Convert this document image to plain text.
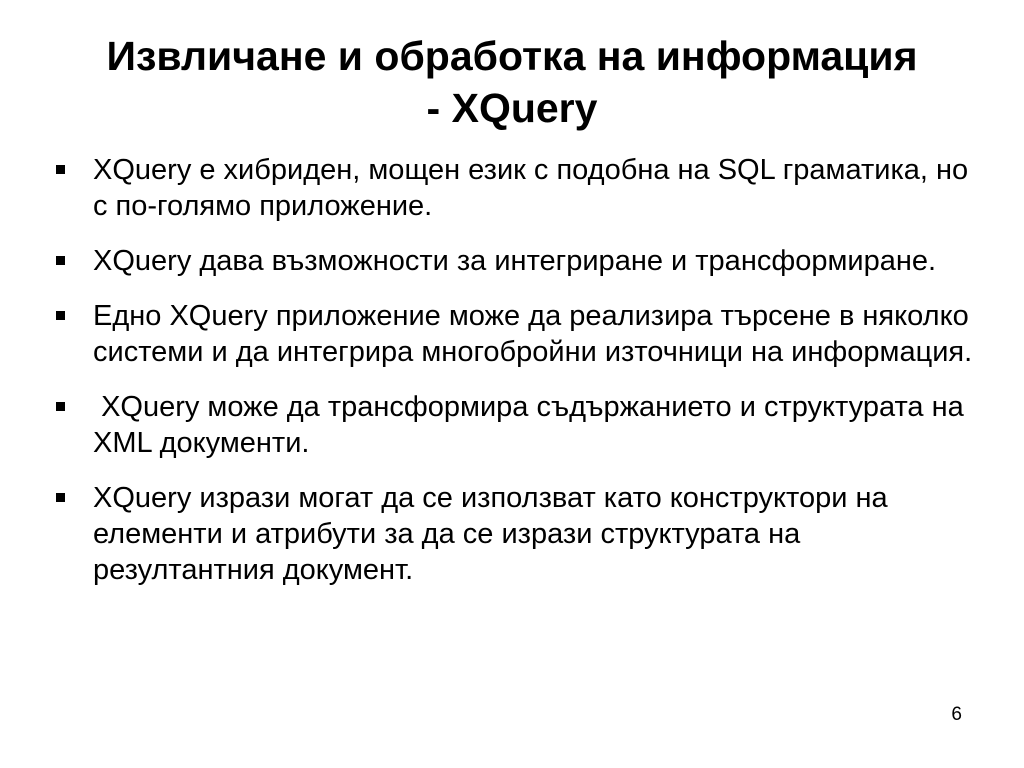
Извличане и обработка на информация
- XQuery
XQuery е хибриден, мощен език с подобна на SQL граматика, но с по-голямо приложение.
XQuery дава възможности за интегриране и трансформиране.
Едно XQuery приложение може да реализира търсене в няколко системи и да интегрира многобройни източници на информация.
XQuery може да трансформира съдържанието и структурата на XML документи.
XQuery изрази могат да се използват като конструктори на елементи и атрибути за да се изрази структурата на резултантния документ.
6
